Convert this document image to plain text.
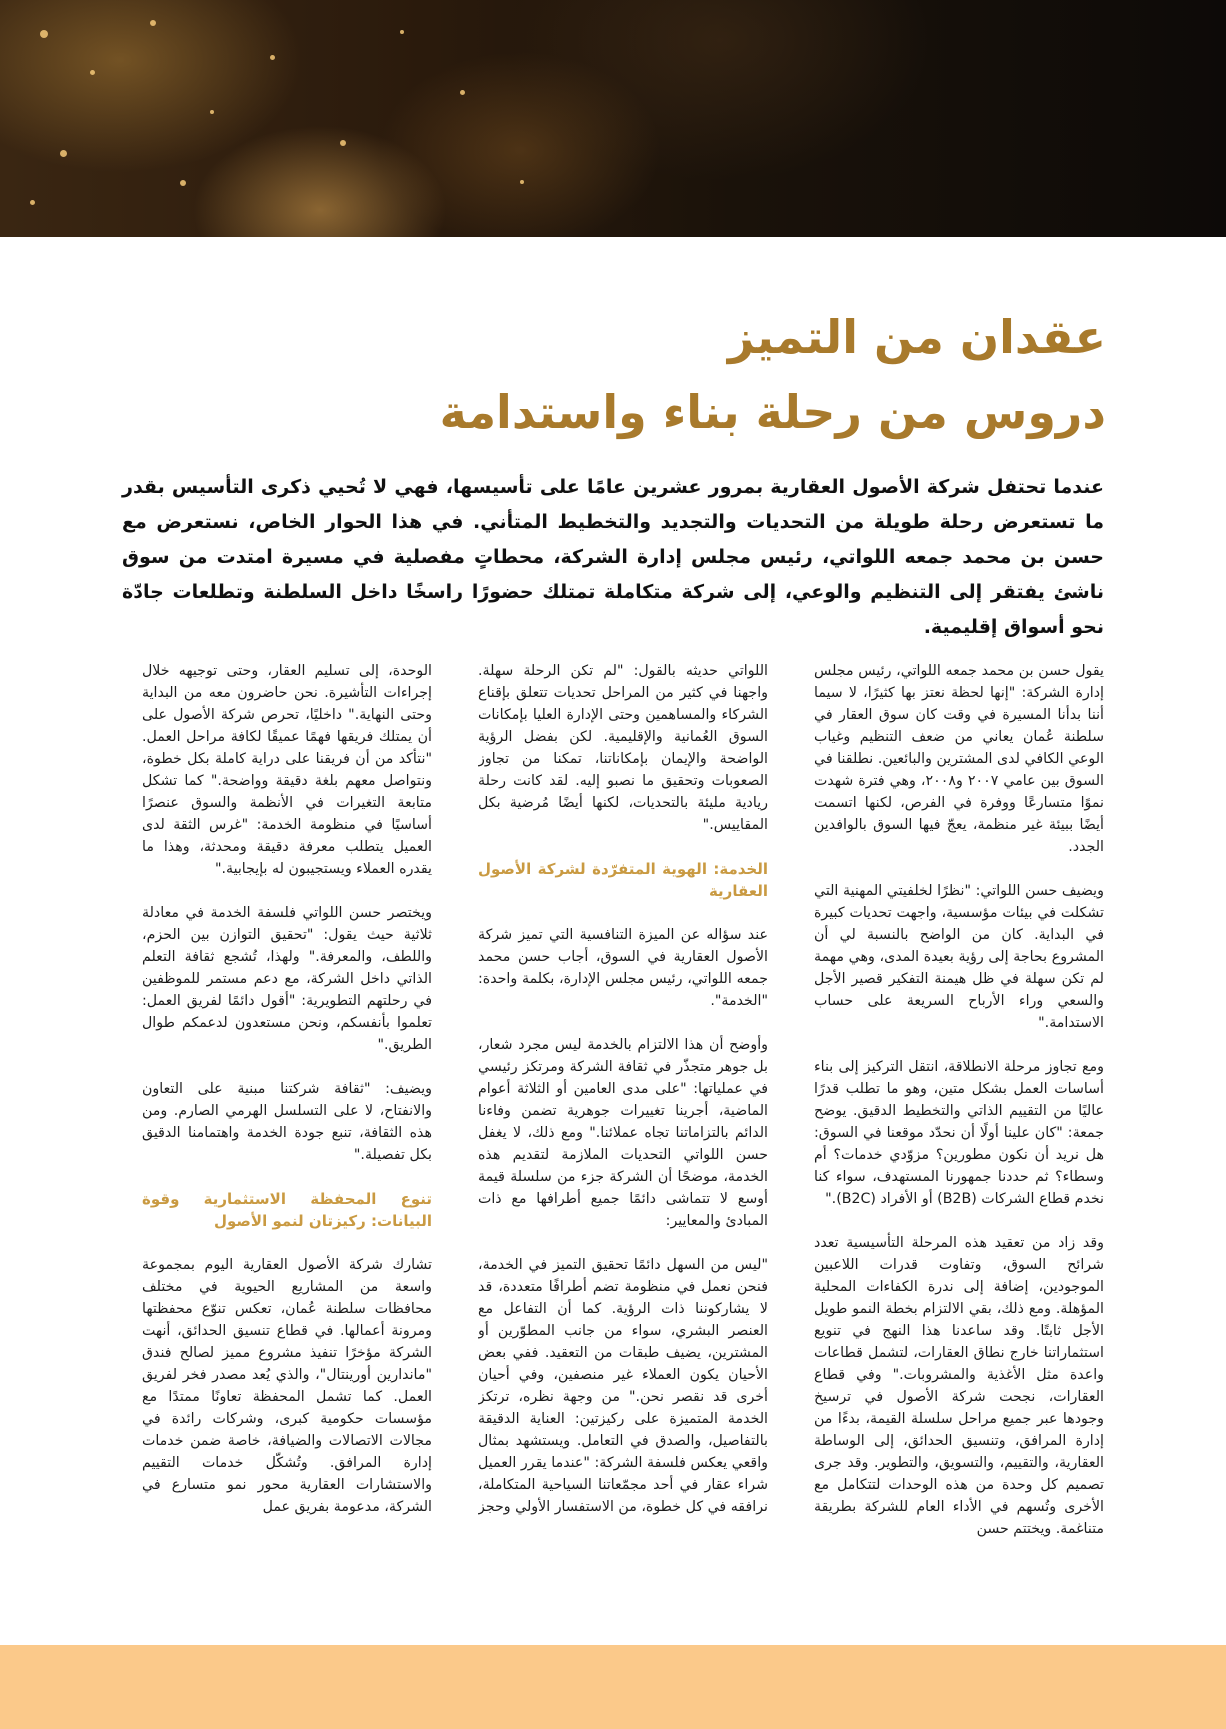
عقدان من التميز
دروس من رحلة بناء واستدامة

عندما تحتفل شركة الأصول العقارية بمرور عشرين عامًا على تأسيسها، فهي لا تُحيي ذكرى التأسيس بقدر ما تستعرض رحلة طويلة من التحديات والتجديد والتخطيط المتأني. في هذا الحوار الخاص، نستعرض مع حسن بن محمد جمعه اللواتي، رئيس مجلس إدارة الشركة، محطاتٍ مفصلية في مسيرة امتدت من سوق ناشئ يفتقر إلى التنظيم والوعي، إلى شركة متكاملة تمتلك حضورًا راسخًا داخل السلطنة وتطلعات جادّة نحو أسواق إقليمية.

يقول حسن بن محمد جمعه اللواتي، رئيس مجلس إدارة الشركة: "إنها لحظة نعتز بها كثيرًا، لا سيما أننا بدأنا المسيرة في وقت كان سوق العقار في سلطنة عُمان يعاني من ضعف التنظيم وغياب الوعي الكافي لدى المشترين والبائعين. نطلقنا في السوق بين عامي ٢٠٠٧ و٢٠٠٨، وهي فترة شهدت نموًا متسارعًا ووفرة في الفرص، لكنها اتسمت أيضًا ببيئة غير منظمة، يعجّ فيها السوق بالوافدين الجدد.

ويضيف حسن اللواتي: "نظرًا لخلفيتي المهنية التي تشكلت في بيئات مؤسسية، واجهت تحديات كبيرة في البداية. كان من الواضح بالنسبة لي أن المشروع بحاجة إلى رؤية بعيدة المدى، وهي مهمة لم تكن سهلة في ظل هيمنة التفكير قصير الأجل والسعي وراء الأرباح السريعة على حساب الاستدامة."

ومع تجاوز مرحلة الانطلاقة، انتقل التركيز إلى بناء أساسات العمل بشكل متين، وهو ما تطلب قدرًا عاليًا من التقييم الذاتي والتخطيط الدقيق. يوضح جمعة: "كان علينا أولًا أن نحدّد موقعنا في السوق: هل نريد أن نكون مطورين؟ مزوّدي خدمات؟ أم وسطاء؟ ثم حددنا جمهورنا المستهدف، سواء كنا نخدم قطاع الشركات (B2B) أو الأفراد (B2C)."

وقد زاد من تعقيد هذه المرحلة التأسيسية تعدد شرائح السوق، وتفاوت قدرات اللاعبين الموجودين، إضافة إلى ندرة الكفاءات المحلية المؤهلة. ومع ذلك، بقي الالتزام بخطة النمو طويل الأجل ثابتًا. وقد ساعدنا هذا النهج في تنويع استثماراتنا خارج نطاق العقارات، لتشمل قطاعات واعدة مثل الأغذية والمشروبات." وفي قطاع العقارات، نجحت شركة الأصول في ترسيخ وجودها عبر جميع مراحل سلسلة القيمة، بدءًا من إدارة المرافق، وتنسيق الحدائق، إلى الوساطة العقارية، والتقييم، والتسويق، والتطوير. وقد جرى تصميم كل وحدة من هذه الوحدات لتتكامل مع الأخرى وتُسهم في الأداء العام للشركة بطريقة متناغمة. ويختتم حسن

اللواتي حديثه بالقول: "لم تكن الرحلة سهلة. واجهنا في كثير من المراحل تحديات تتعلق بإقناع الشركاء والمساهمين وحتى الإدارة العليا بإمكانات السوق العُمانية والإقليمية. لكن بفضل الرؤية الواضحة والإيمان بإمكاناتنا، تمكنا من تجاوز الصعوبات وتحقيق ما نصبو إليه. لقد كانت رحلة ريادية مليئة بالتحديات، لكنها أيضًا مُرضية بكل المقاييس."

الخدمة: الهوية المتفرّدة لشركة الأصول العقارية

عند سؤاله عن الميزة التنافسية التي تميز شركة الأصول العقارية في السوق، أجاب حسن محمد جمعه اللواتي، رئيس مجلس الإدارة، بكلمة واحدة: "الخدمة".

وأوضح أن هذا الالتزام بالخدمة ليس مجرد شعار، بل جوهر متجذّر في ثقافة الشركة ومرتكز رئيسي في عملياتها: "على مدى العامين أو الثلاثة أعوام الماضية، أجرينا تغييرات جوهرية تضمن وفاءنا الدائم بالتزاماتنا تجاه عملائنا." ومع ذلك، لا يغفل حسن اللواتي التحديات الملازمة لتقديم هذه الخدمة، موضحًا أن الشركة جزء من سلسلة قيمة أوسع لا تتماشى دائمًا جميع أطرافها مع ذات المبادئ والمعايير:

"ليس من السهل دائمًا تحقيق التميز في الخدمة، فنحن نعمل في منظومة تضم أطرافًا متعددة، قد لا يشاركوننا ذات الرؤية. كما أن التفاعل مع العنصر البشري، سواء من جانب المطوّرين أو المشترين، يضيف طبقات من التعقيد. ففي بعض الأحيان يكون العملاء غير منصفين، وفي أحيان أخرى قد نقصر نحن." من وجهة نظره، ترتكز الخدمة المتميزة على ركيزتين: العناية الدقيقة بالتفاصيل، والصدق في التعامل. ويستشهد بمثال واقعي يعكس فلسفة الشركة: "عندما يقرر العميل شراء عقار في أحد مجمّعاتنا السياحية المتكاملة، نرافقه في كل خطوة، من الاستفسار الأولي وحجز

الوحدة، إلى تسليم العقار، وحتى توجيهه خلال إجراءات التأشيرة. نحن حاضرون معه من البداية وحتى النهاية." داخليًا، تحرص شركة الأصول على أن يمتلك فريقها فهمًا عميقًا لكافة مراحل العمل. "نتأكد من أن فريقنا على دراية كاملة بكل خطوة، ونتواصل معهم بلغة دقيقة وواضحة." كما تشكل متابعة التغيرات في الأنظمة والسوق عنصرًا أساسيًا في منظومة الخدمة: "غرس الثقة لدى العميل يتطلب معرفة دقيقة ومحدثة، وهذا ما يقدره العملاء ويستجيبون له بإيجابية."

ويختصر حسن اللواتي فلسفة الخدمة في معادلة ثلاثية حيث يقول: "تحقيق التوازن بين الحزم، واللطف، والمعرفة." ولهذا، تُشجع ثقافة التعلم الذاتي داخل الشركة، مع دعم مستمر للموظفين في رحلتهم التطويرية: "أقول دائمًا لفريق العمل: تعلموا بأنفسكم، ونحن مستعدون لدعمكم طوال الطريق."

ويضيف: "ثقافة شركتنا مبنية على التعاون والانفتاح، لا على التسلسل الهرمي الصارم. ومن هذه الثقافة، تنبع جودة الخدمة واهتمامنا الدقيق بكل تفصيلة."

تنوع المحفظة الاستثمارية وقوة البيانات: ركيزتان لنمو الأصول

تشارك شركة الأصول العقارية اليوم بمجموعة واسعة من المشاريع الحيوية في مختلف محافظات سلطنة عُمان، تعكس تنوّع محفظتها ومرونة أعمالها. في قطاع تنسيق الحدائق، أنهت الشركة مؤخرًا تنفيذ مشروع مميز لصالح فندق "ماندارين أورينتال"، والذي يُعد مصدر فخر لفريق العمل. كما تشمل المحفظة تعاونًا ممتدًا مع مؤسسات حكومية كبرى، وشركات رائدة في مجالات الاتصالات والضيافة، خاصة ضمن خدمات إدارة المرافق. وتُشكّل خدمات التقييم والاستشارات العقارية محور نمو متسارع في الشركة، مدعومة بفريق عمل
